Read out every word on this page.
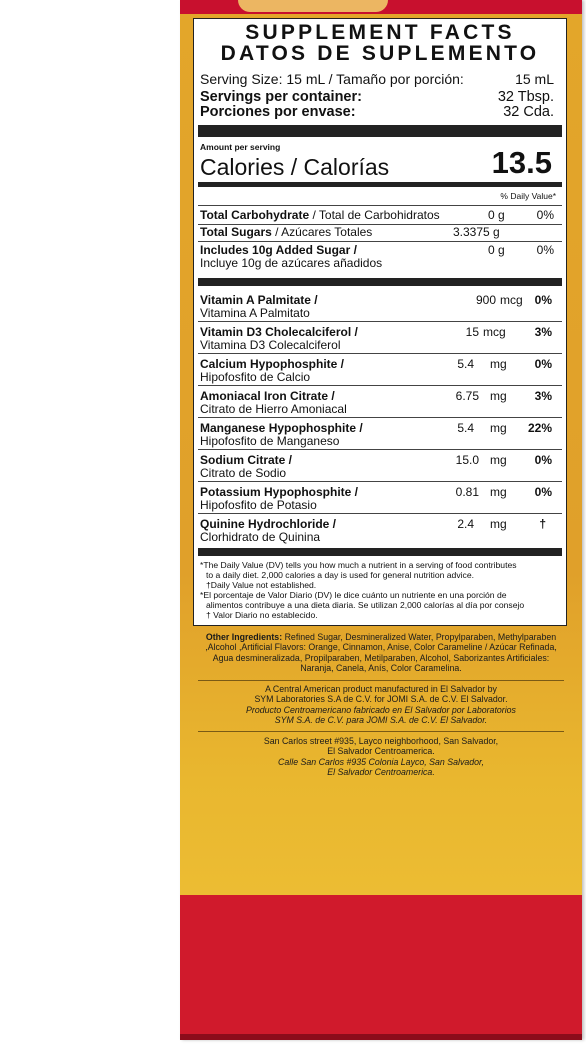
SUPPLEMENT FACTS
DATOS DE SUPLEMENTO
Serving Size: 15 mL / Tamaño por porción:	15 mL
Servings per container:	32 Tbsp.
Porciones por envase:	32 Cda.
Amount per serving
Calories / Calorías	13.5
% Daily Value*
Total Carbohydrate / Total de Carbohidratos	0 g	0%
Total Sugars / Azúcares Totales	3.3375 g
Includes 10g Added Sugar /
Incluye 10g de azúcares añadidos
0 g	0%
Vitamin A Palmitate /
Vitamina A Palmitato
900 mcg 0%
Vitamin D3 Cholecalciferol /
Vitamina D3 Colecalciferol
15 mcg 3%
Calcium Hypophosphite /
Hipofosfito de Calcio
5.4 mg 0%
Amoniacal Iron Citrate /
Citrato de Hierro Amoniacal
6.75 mg 3%
Manganese Hypophosphite /
Hipofosfito de Manganeso
5.4 mg 22%
Sodium Citrate /
Citrato de Sodio
15.0 mg 0%
Potassium Hypophosphite /
Hipofosfito de Potasio
0.81 mg 0%
Quinine Hydrochloride /
Clorhidrato de Quinina
2.4 mg	†

*The Daily Value (DV) tells you how much a nutrient in a serving of food contributes

to a daily diet. 2,000 calories a day is used for general nutrition advice.

†Daily Value not established.

*El porcentaje de Valor Diario (DV) le dice cuánto un nutriente en una porción de

alimentos contribuye a una dieta diaria. Se utilizan 2,000 calorías al día por consejo

† Valor Diario no establecido.

Other Ingredients: Refined Sugar, Desmineralized Water, Propylparaben, Methylparaben ,Alcohol ,Artificial Flavors: Orange, Cinnamon, Anise, Color Carameline / Azúcar Refinada, Agua desmineralizada, Propilparaben, Metilparaben, Alcohol, Saborizantes Artificiales: Naranja, Canela, Anís, Color Caramelina.
A Central American product manufactured in El Salvador by
SYM Laboratories S.A de C.V. for JOMI S.A. de C.V. El Salvador.
Producto Centroamericano fabricado en El Salvador por Laboratorios
SYM S.A. de C.V. para JOMI S.A. de C.V. El Salvador.
San Carlos street #935, Layco neighborhood, San Salvador,
El Salvador Centroamerica.
Calle San Carlos #935 Colonia Layco, San Salvador,
El Salvador Centroamerica.
